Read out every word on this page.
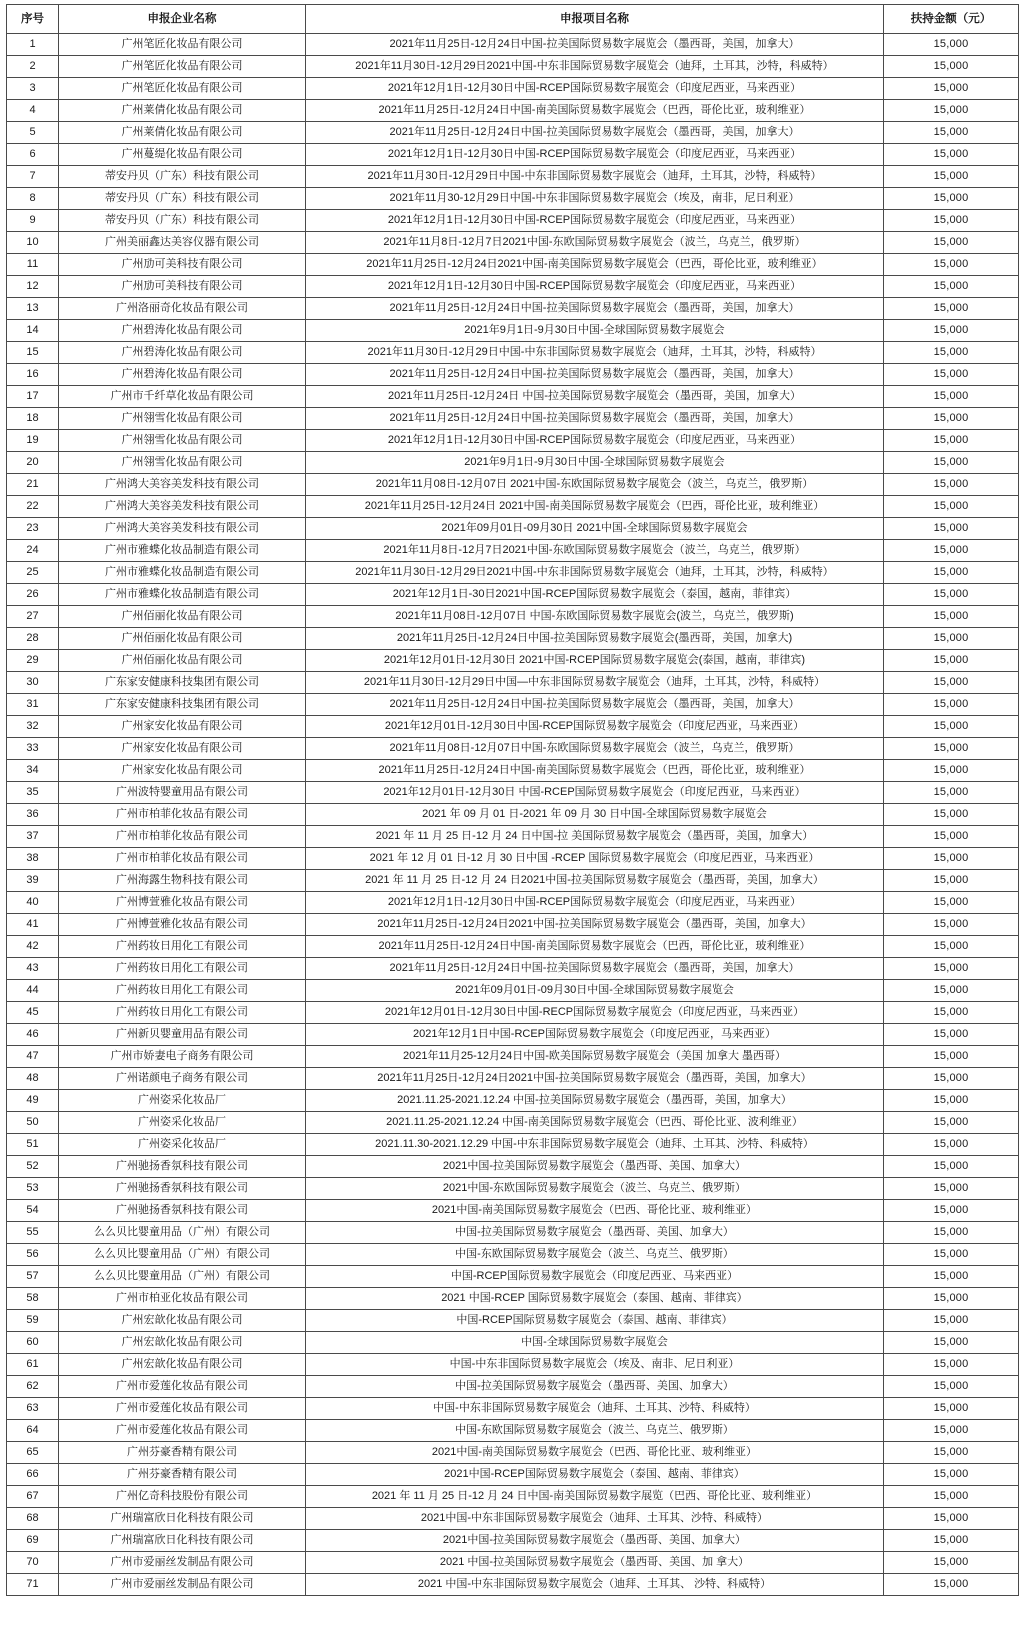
序号	申报企业名称	申报项目名称	扶持金额（元）
1	广州笔匠化妆品有限公司	2021年11月25日-12月24日中国-拉美国际贸易数字展览会（墨西哥，美国，加拿大）	15,000
2	广州笔匠化妆品有限公司	2021年11月30日-12月29日2021中国-中东非国际贸易数字展览会（迪拜，土耳其，沙特，科威特）	15,000
3	广州笔匠化妆品有限公司	2021年12月1日-12月30日中国-RCEP国际贸易数字展览会（印度尼西亚，马来西亚）	15,000
4	广州莱倩化妆品有限公司	2021年11月25日-12月24日中国-南美国际贸易数字展览会（巴西，哥伦比亚，玻利维亚）	15,000
5	广州莱倩化妆品有限公司	2021年11月25日-12月24日中国-拉美国际贸易数字展览会（墨西哥，美国，加拿大）	15,000
6	广州蔓缇化妆品有限公司	2021年12月1日-12月30日中国-RCEP国际贸易数字展览会（印度尼西亚，马来西亚）	15,000
7	蒂安丹贝（广东）科技有限公司	2021年11月30日-12月29日中国-中东非国际贸易数字展览会（迪拜，土耳其，沙特，科威特）	15,000
8	蒂安丹贝（广东）科技有限公司	2021年11月30-12月29日中国-中东非国际贸易数字展览会（埃及，南非，尼日利亚）	15,000
9	蒂安丹贝（广东）科技有限公司	2021年12月1日-12月30日中国-RCEP国际贸易数字展览会（印度尼西亚，马来西亚）	15,000
10	广州美丽鑫达美容仪器有限公司	2021年11月8日-12月7日2021中国-东欧国际贸易数字展览会（波兰，乌克兰，俄罗斯）	15,000
11	广州劢可美科技有限公司	2021年11月25日-12月24日2021中国-南美国际贸易数字展览会（巴西，哥伦比亚，玻利维亚）	15,000
12	广州劢可美科技有限公司	2021年12月1日-12月30日中国-RCEP国际贸易数字展览会（印度尼西亚，马来西亚）	15,000
13	广州洛丽奇化妆品有限公司	2021年11月25日-12月24日中国-拉美国际贸易数字展览会（墨西哥，美国，加拿大）	15,000
14	广州碧涛化妆品有限公司	2021年9月1日-9月30日中国-全球国际贸易数字展览会	15,000
15	广州碧涛化妆品有限公司	2021年11月30日-12月29日中国-中东非国际贸易数字展览会（迪拜，土耳其，沙特，科威特）	15,000
16	广州碧涛化妆品有限公司	2021年11月25日-12月24日中国-拉美国际贸易数字展览会（墨西哥，美国，加拿大）	15,000
17	广州市千纤草化妆品有限公司	2021年11月25日-12月24日 中国-拉美国际贸易数字展览会（墨西哥，美国，加拿大）	15,000
18	广州翎雪化妆品有限公司	2021年11月25日-12月24日中国-拉美国际贸易数字展览会（墨西哥，美国，加拿大）	15,000
19	广州翎雪化妆品有限公司	2021年12月1日-12月30日中国-RCEP国际贸易数字展览会（印度尼西亚，马来西亚）	15,000
20	广州翎雪化妆品有限公司	2021年9月1日-9月30日中国-全球国际贸易数字展览会	15,000
21	广州鸿大美容美发科技有限公司	2021年11月08日-12月07日 2021中国-东欧国际贸易数字展览会（波兰，乌克兰，俄罗斯）	15,000
22	广州鸿大美容美发科技有限公司	2021年11月25日-12月24日 2021中国-南美国际贸易数字展览会（巴西，哥伦比亚，玻利维亚）	15,000
23	广州鸿大美容美发科技有限公司	2021年09月01日-09月30日 2021中国-全球国际贸易数字展览会	15,000
24	广州市雅蝶化妆品制造有限公司	2021年11月8日-12月7日2021中国-东欧国际贸易数字展览会（波兰，乌克兰，俄罗斯）	15,000
25	广州市雅蝶化妆品制造有限公司	2021年11月30日-12月29日2021中国-中东非国际贸易数字展览会（迪拜，土耳其，沙特，科威特）	15,000
26	广州市雅蝶化妆品制造有限公司	2021年12月1日-30日2021中国-RCEP国际贸易数字展览会（泰国，越南，菲律宾）	15,000
27	广州佰丽化妆品有限公司	2021年11月08日-12月07日 中国-东欧国际贸易数字展览会(波兰，乌克兰，俄罗斯)	15,000
28	广州佰丽化妆品有限公司	2021年11月25日-12月24日中国-拉美国际贸易数字展览会(墨西哥，美国，加拿大)	15,000
29	广州佰丽化妆品有限公司	2021年12月01日-12月30日 2021中国-RCEP国际贸易数字展览会(泰国，越南，菲律宾)	15,000
30	广东家安健康科技集团有限公司	2021年11月30日-12月29日中国—中东非国际贸易数字展览会（迪拜，土耳其，沙特，科威特）	15,000
31	广东家安健康科技集团有限公司	2021年11月25日-12月24日中国-拉美国际贸易数字展览会（墨西哥，美国，加拿大）	15,000
32	广州家安化妆品有限公司	2021年12月01日-12月30日中国-RCEP国际贸易数字展览会（印度尼西亚，马来西亚）	15,000
33	广州家安化妆品有限公司	2021年11月08日-12月07日中国-东欧国际贸易数字展览会（波兰，乌克兰，俄罗斯）	15,000
34	广州家安化妆品有限公司	2021年11月25日-12月24日中国-南美国际贸易数字展览会（巴西，哥伦比亚，玻利维亚）	15,000
35	广州波特婴童用品有限公司	2021年12月01日-12月30日 中国-RCEP国际贸易数字展览会（印度尼西亚，马来西亚）	15,000
36	广州市柏菲化妆品有限公司	2021 年 09 月 01 日-2021 年 09 月 30 日中国-全球国际贸易数字展览会	15,000
37	广州市柏菲化妆品有限公司	2021 年 11 月 25 日-12 月 24 日中国-拉 美国际贸易数字展览会（墨西哥，美国，加拿大）	15,000
38	广州市柏菲化妆品有限公司	2021 年 12 月 01 日-12 月 30 日中国 -RCEP 国际贸易数字展览会（印度尼西亚，马来西亚）	15,000
39	广州海露生物科技有限公司	2021 年 11 月 25 日-12 月 24 日2021中国-拉美国际贸易数字展览会（墨西哥，美国，加拿大）	15,000
40	广州博萱雅化妆品有限公司	2021年12月1日-12月30日中国-RCEP国际贸易数字展览会（印度尼西亚，马来西亚）	15,000
41	广州博萱雅化妆品有限公司	2021年11月25日-12月24日2021中国-拉美国际贸易数字展览会（墨西哥，美国，加拿大）	15,000
42	广州药妆日用化工有限公司	2021年11月25日-12月24日中国-南美国际贸易数字展览会（巴西，哥伦比亚，玻利维亚）	15,000
43	广州药妆日用化工有限公司	2021年11月25日-12月24日中国-拉美国际贸易数字展览会（墨西哥，美国，加拿大）	15,000
44	广州药妆日用化工有限公司	2021年09月01日-09月30日中国-全球国际贸易数字展览会	15,000
45	广州药妆日用化工有限公司	2021年12月01日-12月30日中国-RECP国际贸易数字展览会（印度尼西亚，马来西亚）	15,000
46	广州新贝婴童用品有限公司	2021年12月1日中国-RCEP国际贸易数字展览会（印度尼西亚，马来西亚）	15,000
47	广州市娇妻电子商务有限公司	2021年11月25-12月24日中国-欧美国际贸易数字展览会（美国 加拿大 墨西哥）	15,000
48	广州诺颜电子商务有限公司	2021年11月25日-12月24日2021中国-拉美国际贸易数字展览会（墨西哥，美国，加拿大）	15,000
49	广州姿采化妆品厂	2021.11.25-2021.12.24 中国-拉美国际贸易数字展览会（墨西哥，美国，加拿大）	15,000
50	广州姿采化妆品厂	2021.11.25-2021.12.24 中国-南美国际贸易数字展览会（巴西、哥伦比亚、波利维亚）	15,000
51	广州姿采化妆品厂	2021.11.30-2021.12.29 中国-中东非国际贸易数字展览会（迪拜、土耳其、沙特、科威特）	15,000
52	广州驰扬香氛科技有限公司	2021中国-拉美国际贸易数字展览会（墨西哥、美国、加拿大）	15,000
53	广州驰扬香氛科技有限公司	2021中国-东欧国际贸易数字展览会（波兰、乌克兰、俄罗斯）	15,000
54	广州驰扬香氛科技有限公司	2021中国-南美国际贸易数字展览会（巴西、哥伦比亚、玻利维亚）	15,000
55	么么贝比婴童用品（广州）有限公司	中国-拉美国际贸易数字展览会（墨西哥、美国、加拿大）	15,000
56	么么贝比婴童用品（广州）有限公司	中国-东欧国际贸易数字展览会（波兰、乌克兰、俄罗斯）	15,000
57	么么贝比婴童用品（广州）有限公司	中国-RCEP国际贸易数字展览会（印度尼西亚、马来西亚）	15,000
58	广州市柏亚化妆品有限公司	2021 中国-RCEP 国际贸易数字展览会（泰国、越南、菲律宾）	15,000
59	广州宏歆化妆品有限公司	中国-RCEP国际贸易数字展览会（泰国、越南、菲律宾）	15,000
60	广州宏歆化妆品有限公司	中国-全球国际贸易数字展览会	15,000
61	广州宏歆化妆品有限公司	中国-中东非国际贸易数字展览会（埃及、南非、尼日利亚）	15,000
62	广州市爱莲化妆品有限公司	中国-拉美国际贸易数字展览会（墨西哥、美国、加拿大）	15,000
63	广州市爱莲化妆品有限公司	中国-中东非国际贸易数字展览会（迪拜、土耳其、沙特、科威特）	15,000
64	广州市爱莲化妆品有限公司	中国-东欧国际贸易数字展览会（波兰、乌克兰、俄罗斯）	15,000
65	广州芬豪香精有限公司	2021中国-南美国际贸易数字展览会（巴西、哥伦比亚、玻利维亚）	15,000
66	广州芬豪香精有限公司	2021中国-RCEP国际贸易数字展览会（泰国、越南、菲律宾）	15,000
67	广州亿奇科技股份有限公司	2021 年 11 月 25 日-12 月 24 日中国-南美国际贸易数字展览（巴西、哥伦比亚、玻利维亚）	15,000
68	广州瑞富欣日化科技有限公司	2021中国-中东非国际贸易数字展览会（迪拜、土耳其、沙特、科威特）	15,000
69	广州瑞富欣日化科技有限公司	2021中国-拉美国际贸易数字展览会（墨西哥、美国、加拿大）	15,000
70	广州市爱丽丝发制品有限公司	2021 中国-拉美国际贸易数字展览会（墨西哥、美国、加 拿大）	15,000
71	广州市爱丽丝发制品有限公司	2021 中国-中东非国际贸易数字展览会（迪拜、土耳其、 沙特、科威特）	15,000
